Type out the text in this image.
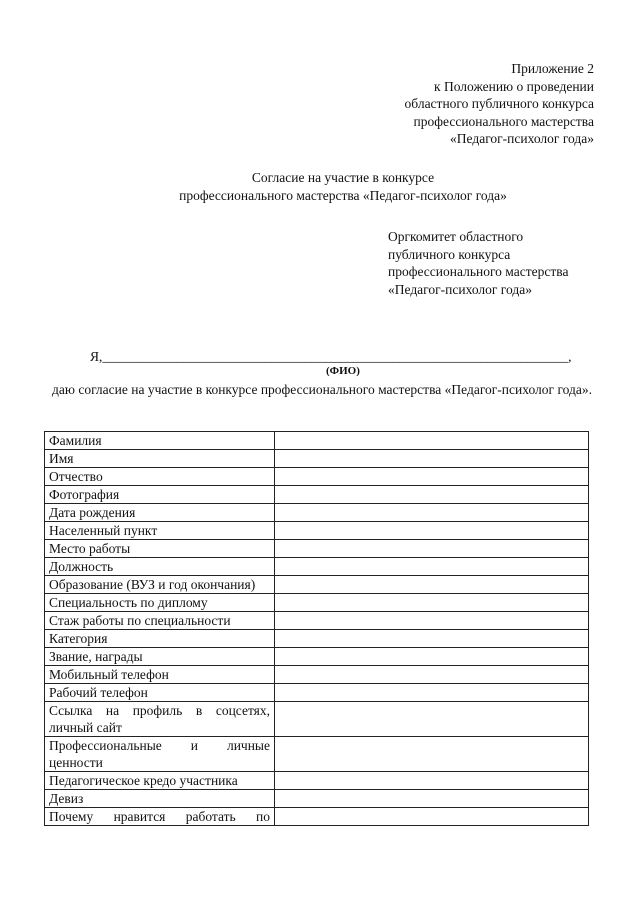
Приложение 2
к Положению о проведении
областного публичного конкурса
профессионального мастерства
«Педагог-психолог года»
Согласие на участие в конкурсе
профессионального мастерства «Педагог-психолог года»
Оргкомитет областного
публичного конкурса
профессионального мастерства
«Педагог-психолог года»
Я,_____________________________________________________________________,
(ФИО)
даю согласие на участие в конкурсе профессионального мастерства «Педагог-психолог года».
Фамилия	
Имя	
Отчество	
Фотография	
Дата рождения	
Населенный пункт	
Место работы	
Должность	
Образование (ВУЗ и год окончания)	
Специальность по диплому	
Стаж работы по специальности	
Категория	
Звание, награды	
Мобильный телефон	
Рабочий телефон	
Ссылка на профиль в соцсетях, личный сайт	
Профессиональные и личные ценности	
Педагогическое кредо участника	
Девиз	
Почему нравится работать по	
